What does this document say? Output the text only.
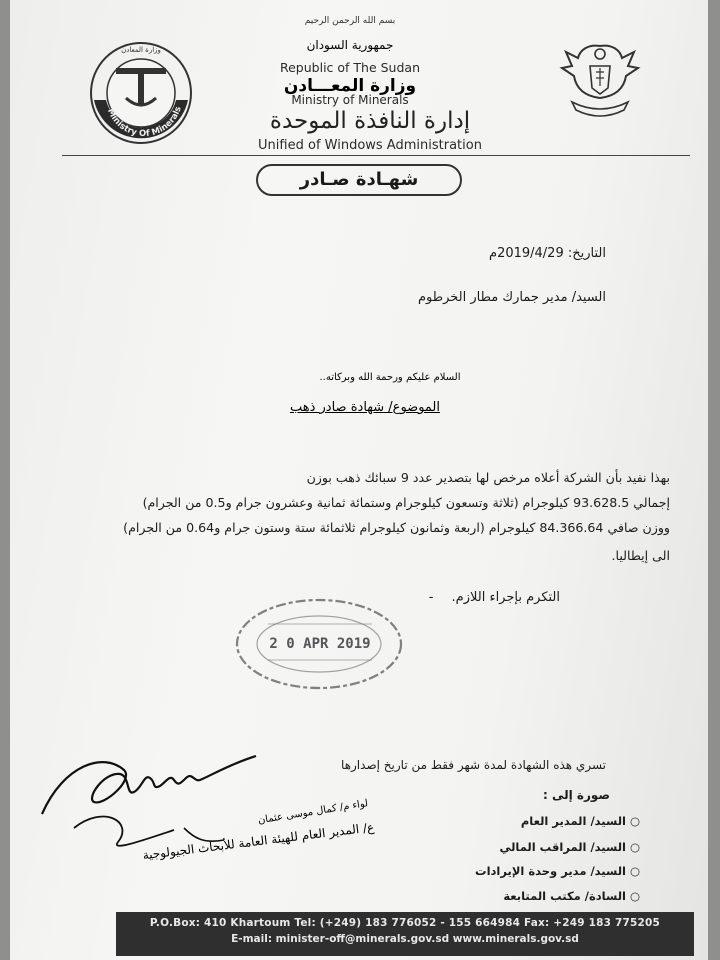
Ministry Of Minerals
وزارة المعادن
بسم الله الرحمن الرحيم
جمهورية السودان
Republic of The Sudan
وزارة المعـــادن
Ministry of Minerals
إدارة النافذة الموحدة
Unified of Windows Administration
شهـادة صـادر
التاريخ: 2019/4/29م
السيد/ مدير جمارك مطار الخرطوم
السلام عليكم ورحمة الله وبركاته..
الموضوع/ شهادة صادر ذهب
بهذا نفيد بأن الشركة أعلاه مرخص لها بتصدير عدد 9 سبائك ذهب بوزن
إجمالي 93.628.5 كيلوجرام (ثلاثة وتسعون كيلوجرام وستمائة ثمانية وعشرون جرام و0.5 من الجرام)
ووزن صافي 84.366.64 كيلوجرام (اربعة وثمانون كيلوجرام ثلاثمائة ستة وستون جرام و0.64 من الجرام)
الى إيطاليا.
التكرم بإجراء اللازم. -
2 0 APR 2019
تسري هذه الشهادة لمدة شهر فقط من تاريخ إصدارها
صورة إلى :
○ السيد/ المدير العام
○ السيد/ المراقب المالي
○ السيد/ مدير وحدة الإيرادات
○ السادة/ مكتب المتابعة
لواء م/ كمال موسى عثمان
ع/ المدير العام للهيئة العامة للأبحاث الجيولوجية
P.O.Box: 410 Khartoum Tel: (+249) 183 776052 - 155 664984 Fax: +249 183 775205
E-mail: minister-off@minerals.gov.sd www.minerals.gov.sd
